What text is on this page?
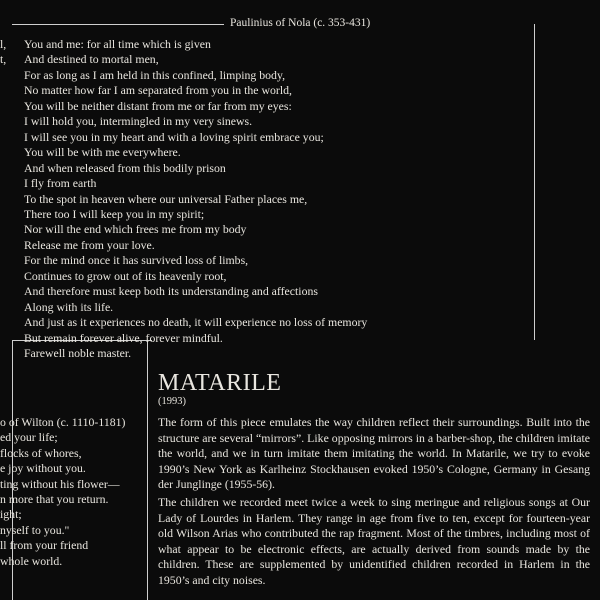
Paulinius of Nola (c. 353-431)
l,
t,
You and me: for all time which is given
And destined to mortal men,
For as long as I am held in this confined, limping body,
No matter how far I am separated from you in the world,
You will be neither distant from me or far from my eyes:
I will hold you, intermingled in my very sinews.
I will see you in my heart and with a loving spirit embrace you;
You will be with me everywhere.
And when released from this bodily prison
I fly from earth
To the spot in heaven where our universal Father places me,
There too I will keep you in my spirit;
Nor will the end which frees me from my body
Release me from your love.
For the mind once it has survived loss of limbs,
Continues to grow out of its heavenly root,
And therefore must keep both its understanding and affections
Along with its life.
And just as it experiences no death, it will experience no loss of memory
But remain forever alive, forever mindful.
Farewell noble master.
o of Wilton (c. 1110-1181)
ed your life;
flocks of whores,
e joy without you.
ting without his flower—
n more that you return.
ight;
nyself to you."
ll from your friend
whole world.
MATARILE
(1993)

The form of this piece emulates the way children reflect their surroundings. Built into the structure are several “mirrors”. Like opposing mirrors in a barber-shop, the children imitate the world, and we in turn imitate them imitating the world. In Matarile, we try to evoke 1990’s New York as Karlheinz Stockhausen evoked 1950’s Cologne, Germany in Gesang der Junglinge (1955-56).

The children we recorded meet twice a week to sing meringue and religious songs at Our Lady of Lourdes in Harlem. They range in age from five to ten, except for fourteen-year old Wilson Arias who contributed the rap fragment. Most of the timbres, including most of what appear to be electronic effects, are actually derived from sounds made by the children. These are supplemented by unidentified children recorded in Harlem in the 1950’s and city noises.
